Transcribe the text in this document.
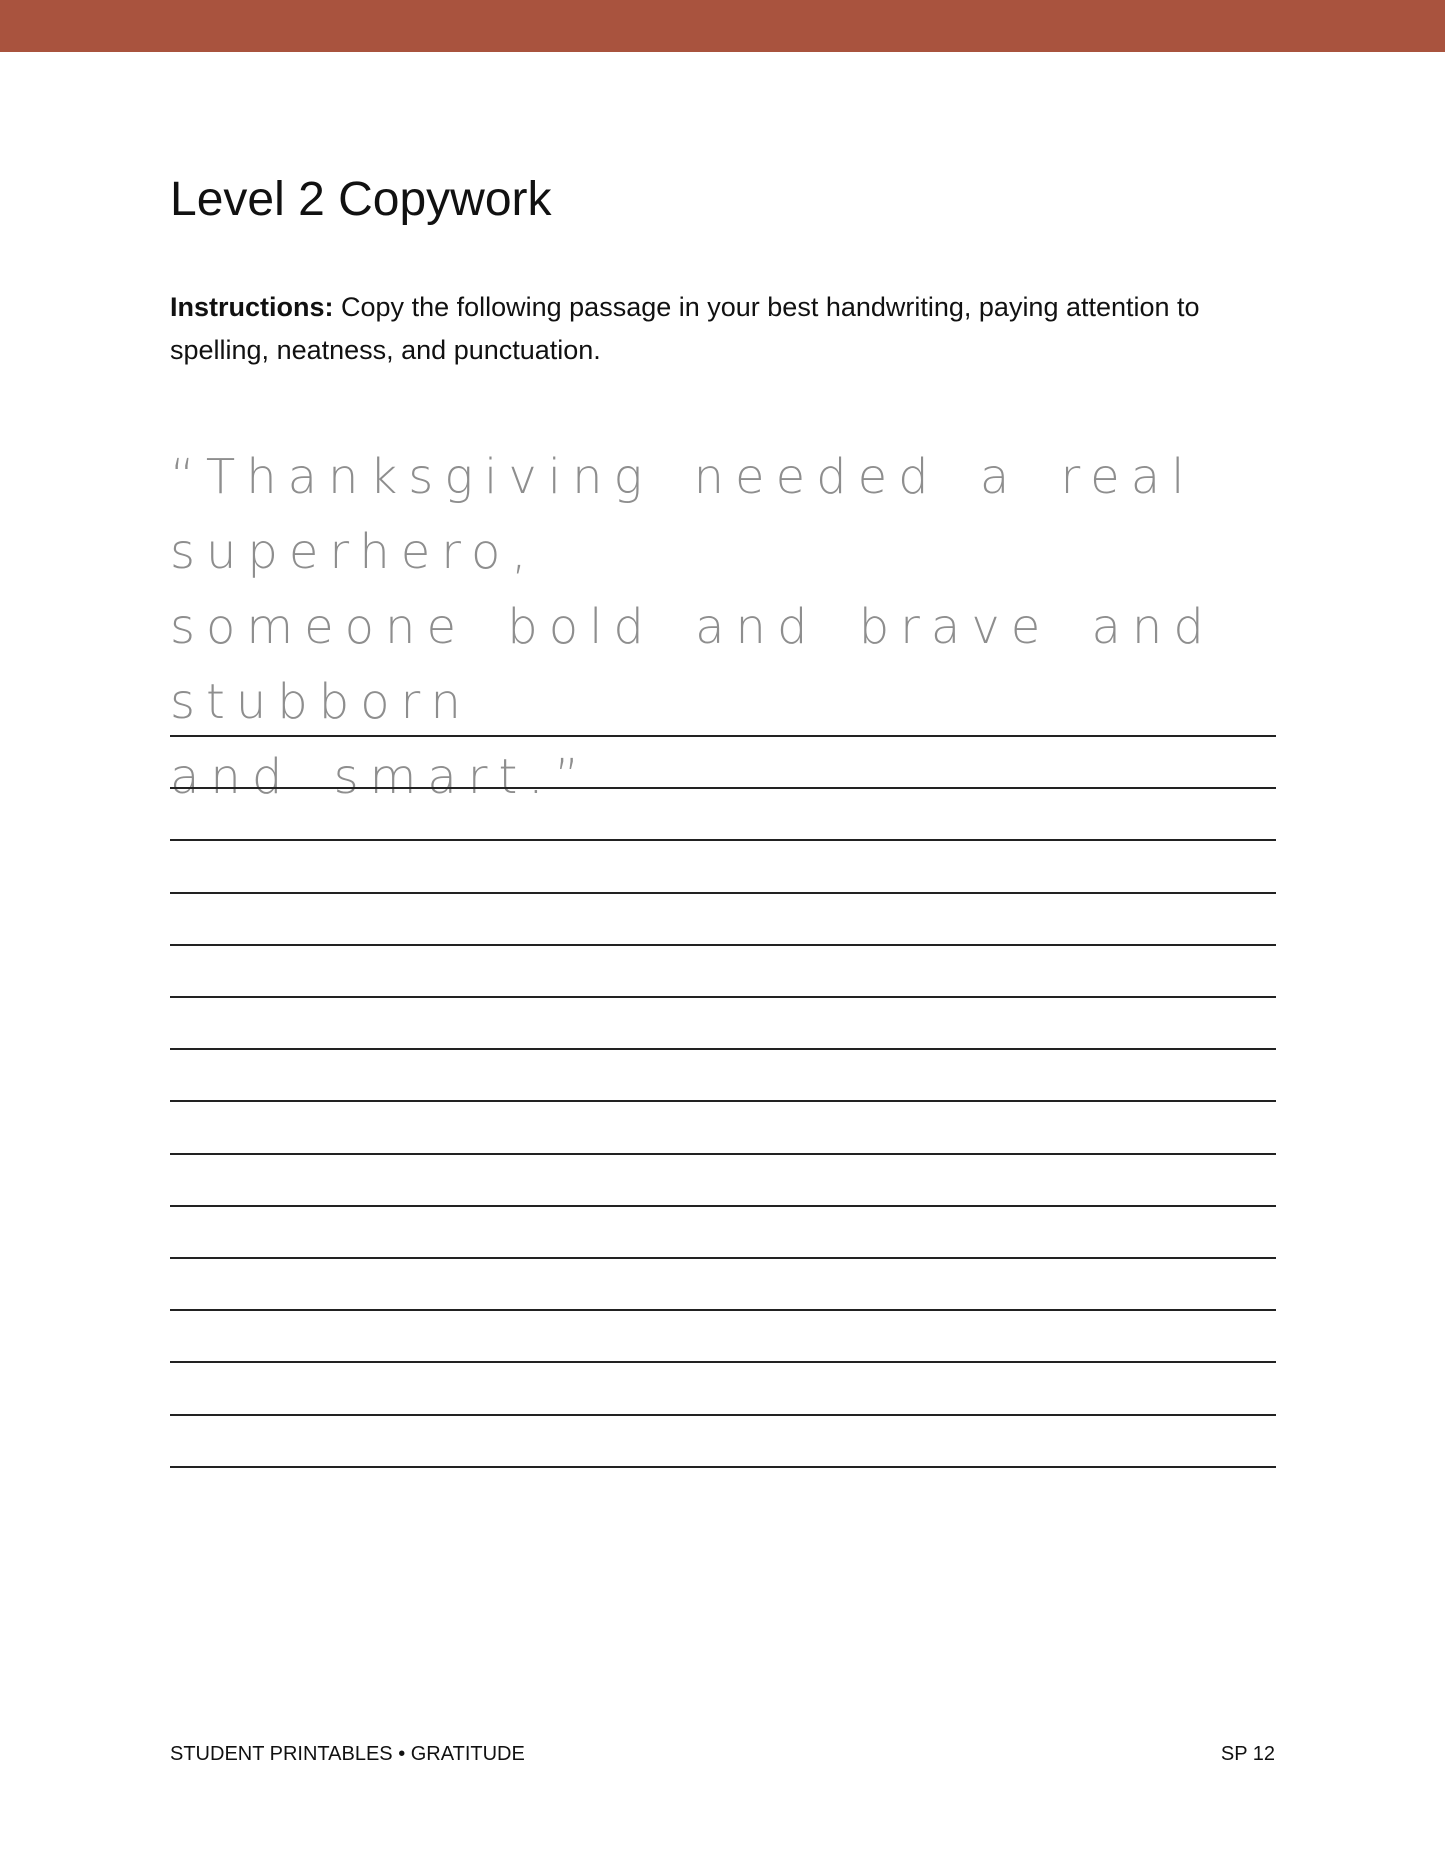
Level 2 Copywork

Instructions: Copy the following passage in your best handwriting, paying attention to spelling, neatness, and punctuation.

“Thanksgiving needed a real superhero,
someone bold and brave and stubborn
and smart.”
STUDENT PRINTABLES • GRATITUDE	SP 12
